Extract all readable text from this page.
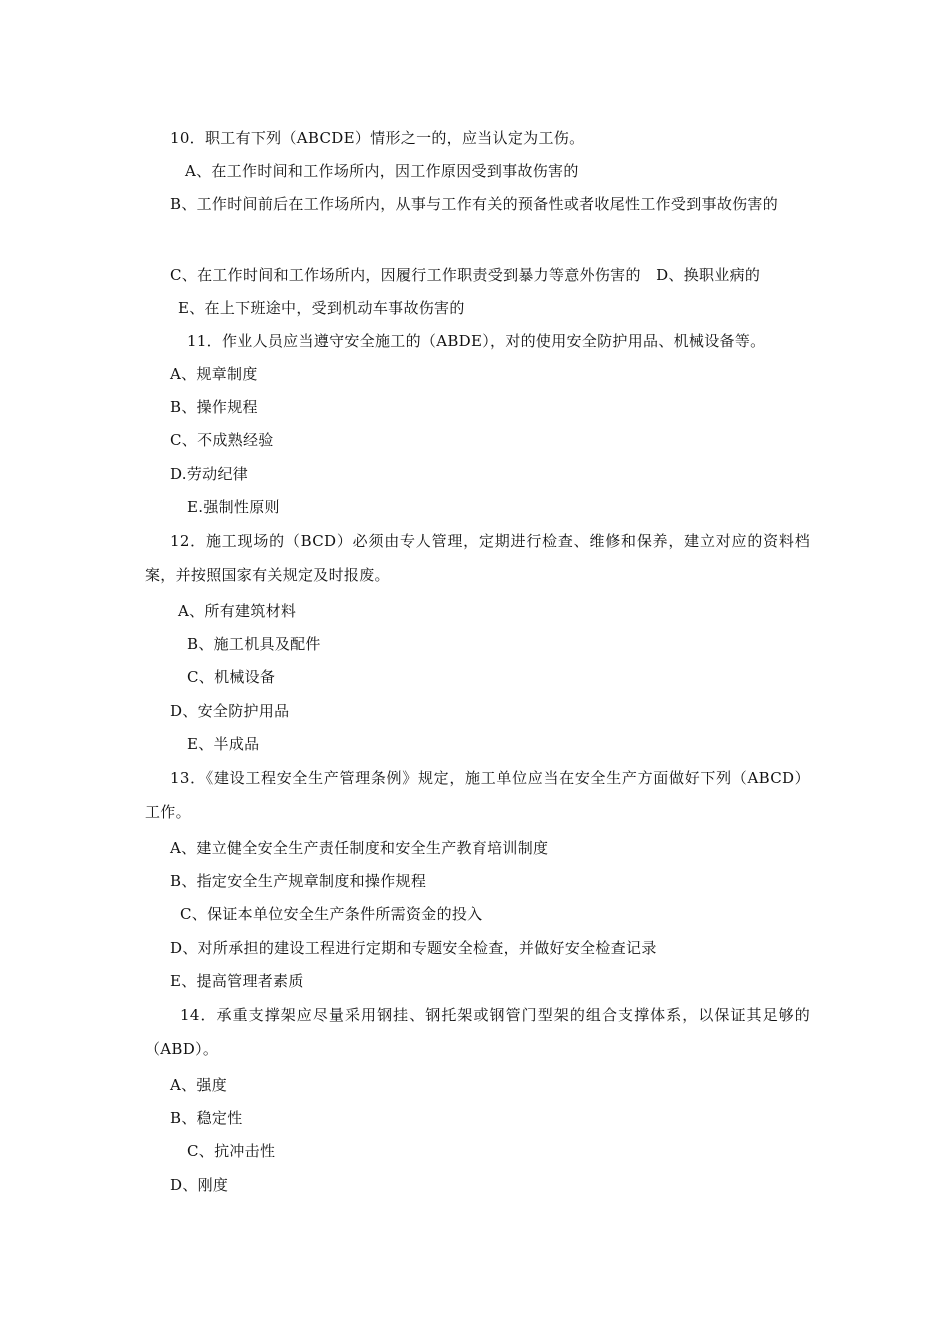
10．职工有下列（ABCDE）情形之一的，应当认定为工伤。
A、在工作时间和工作场所内，因工作原因受到事故伤害的
B、工作时间前后在工作场所内，从事与工作有关的预备性或者收尾性工作受到事故伤害的
C、在工作时间和工作场所内，因履行工作职责受到暴力等意外伤害的　D、换职业病的
E、在上下班途中，受到机动车事故伤害的
11．作业人员应当遵守安全施工的（ABDE），对的使用安全防护用品、机械设备等。
A、规章制度
B、操作规程
C、不成熟经验
D.劳动纪律
E.强制性原则
12．施工现场的（BCD）必须由专人管理，定期进行检查、维修和保养，建立对应的资料档案，并按照国家有关规定及时报废。
A、所有建筑材料
B、施工机具及配件
C、机械设备
D、安全防护用品
E、半成品
13．《建设工程安全生产管理条例》规定，施工单位应当在安全生产方面做好下列（ABCD）工作。
A、建立健全安全生产责任制度和安全生产教育培训制度
B、指定安全生产规章制度和操作规程
C、保证本单位安全生产条件所需资金的投入
D、对所承担的建设工程进行定期和专题安全检查，并做好安全检查记录
E、提高管理者素质
14．承重支撑架应尽量采用钢挂、钢托架或钢管门型架的组合支撑体系，以保证其足够的（ABD）。
A、强度
B、稳定性
C、抗冲击性
D、刚度
